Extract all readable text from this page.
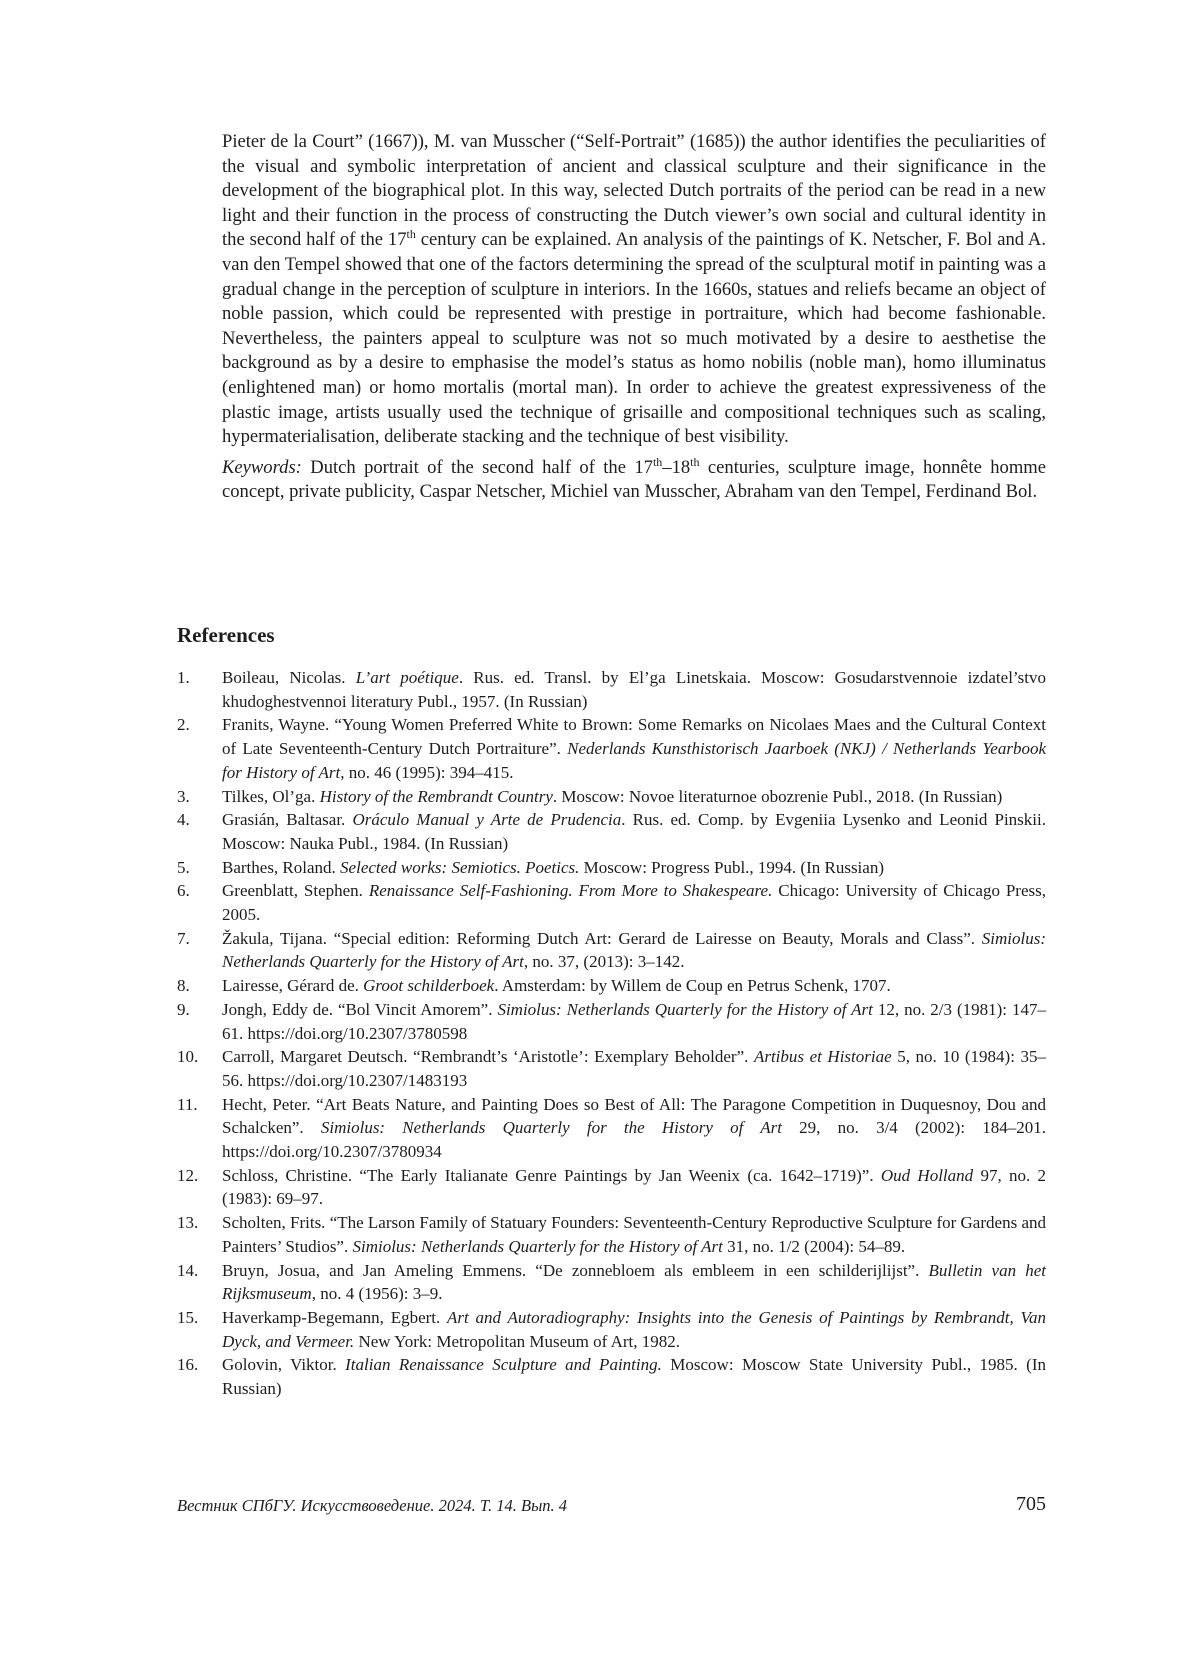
Pieter de la Court” (1667)), M. van Musscher (“Self-Portrait” (1685)) the author identifies the peculiarities of the visual and symbolic interpretation of ancient and classical sculpture and their significance in the development of the biographical plot. In this way, selected Dutch portraits of the period can be read in a new light and their function in the process of constructing the Dutch viewer’s own social and cultural identity in the second half of the 17th century can be explained. An analysis of the paintings of K. Netscher, F. Bol and A. van den Tempel showed that one of the factors determining the spread of the sculptural motif in painting was a gradual change in the perception of sculpture in interiors. In the 1660s, statues and reliefs became an object of noble passion, which could be represented with prestige in portraiture, which had become fashionable. Nevertheless, the painters appeal to sculpture was not so much motivated by a desire to aesthetise the background as by a desire to emphasise the model’s status as homo nobilis (noble man), homo illuminatus (enlightened man) or homo mortalis (mortal man). In order to achieve the greatest expressiveness of the plastic image, artists usually used the technique of grisaille and compositional techniques such as scaling, hypermaterialisation, deliberate stacking and the technique of best visibility.

Keywords: Dutch portrait of the second half of the 17th–18th centuries, sculpture image, honnête homme concept, private publicity, Caspar Netscher, Michiel van Musscher, Abraham van den Tempel, Ferdinand Bol.

References
1. Boileau, Nicolas. L’art poétique. Rus. ed. Transl. by El’ga Linetskaia. Moscow: Gosudarstvennoie izdatel’stvo khudoghestvennoi literatury Publ., 1957. (In Russian)
2. Franits, Wayne. “Young Women Preferred White to Brown: Some Remarks on Nicolaes Maes and the Cultural Context of Late Seventeenth-Century Dutch Portraiture”. Nederlands Kunsthistorisch Jaarboek (NKJ) / Netherlands Yearbook for History of Art, no. 46 (1995): 394–415.
3. Tilkes, Ol’ga. History of the Rembrandt Country. Moscow: Novoe literaturnoe obozrenie Publ., 2018. (In Russian)
4. Grasián, Baltasar. Oráculo Manual y Arte de Prudencia. Rus. ed. Comp. by Evgeniia Lysenko and Leonid Pinskii. Moscow: Nauka Publ., 1984. (In Russian)
5. Barthes, Roland. Selected works: Semiotics. Poetics. Moscow: Progress Publ., 1994. (In Russian)
6. Greenblatt, Stephen. Renaissance Self-Fashioning. From More to Shakespeare. Chicago: University of Chicago Press, 2005.
7. Žakula, Tijana. “Special edition: Reforming Dutch Art: Gerard de Lairesse on Beauty, Morals and Class”. Simiolus: Netherlands Quarterly for the History of Art, no. 37, (2013): 3–142.
8. Lairesse, Gérard de. Groot schilderboek. Amsterdam: by Willem de Coup en Petrus Schenk, 1707.
9. Jongh, Eddy de. “Bol Vincit Amorem”. Simiolus: Netherlands Quarterly for the History of Art 12, no. 2/3 (1981): 147–61. https://doi.org/10.2307/3780598
10. Carroll, Margaret Deutsch. “Rembrandt’s ‘Aristotle’: Exemplary Beholder”. Artibus et Historiae 5, no. 10 (1984): 35–56. https://doi.org/10.2307/1483193
11. Hecht, Peter. “Art Beats Nature, and Painting Does so Best of All: The Paragone Competition in Duquesnoy, Dou and Schalcken”. Simiolus: Netherlands Quarterly for the History of Art 29, no. 3/4 (2002): 184–201. https://doi.org/10.2307/3780934
12. Schloss, Christine. “The Early Italianate Genre Paintings by Jan Weenix (ca. 1642–1719)”. Oud Holland 97, no. 2 (1983): 69–97.
13. Scholten, Frits. “The Larson Family of Statuary Founders: Seventeenth-Century Reproductive Sculpture for Gardens and Painters’ Studios”. Simiolus: Netherlands Quarterly for the History of Art 31, no. 1/2 (2004): 54–89.
14. Bruyn, Josua, and Jan Ameling Emmens. “De zonnebloem als embleem in een schilderijlijst”. Bulletin van het Rijksmuseum, no. 4 (1956): 3–9.
15. Haverkamp-Begemann, Egbert. Art and Autoradiography: Insights into the Genesis of Paintings by Rembrandt, Van Dyck, and Vermeer. New York: Metropolitan Museum of Art, 1982.
16. Golovin, Viktor. Italian Renaissance Sculpture and Painting. Moscow: Moscow State University Publ., 1985. (In Russian)
Вестник СПбГУ. Искусствоведение. 2024. Т. 14. Вып. 4	705
